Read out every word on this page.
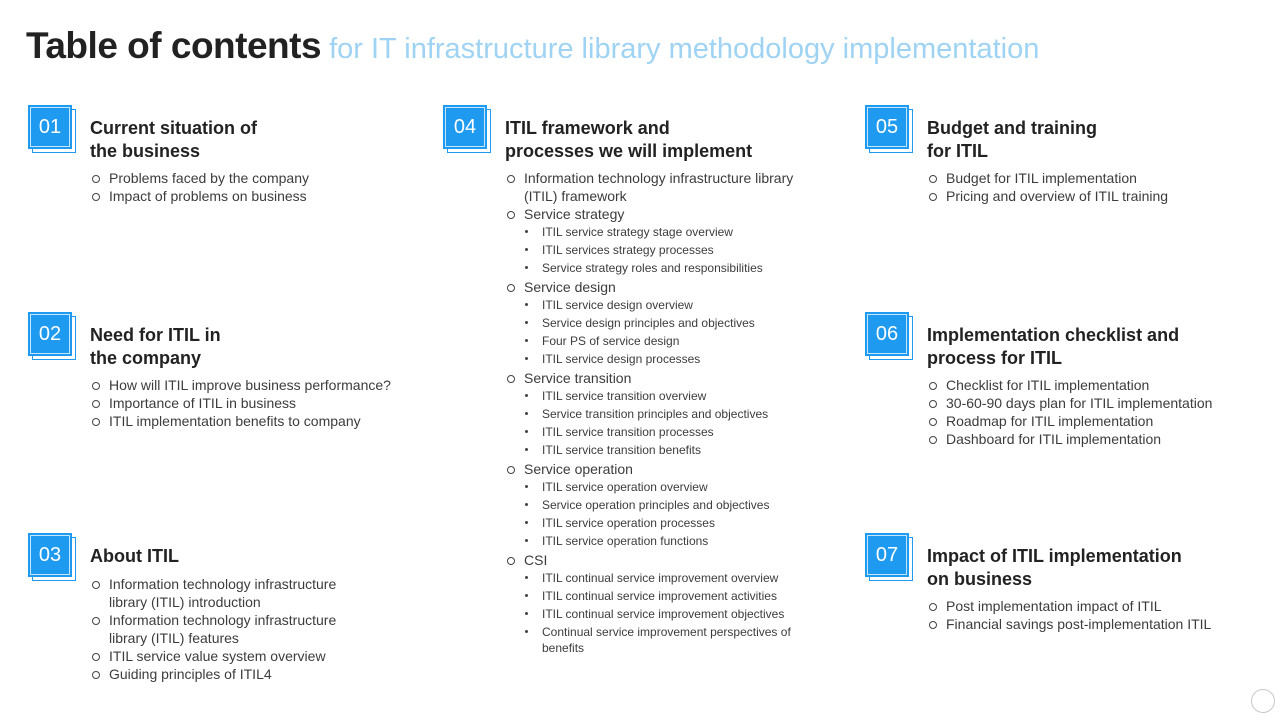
Table of contents for IT infrastructure library methodology implementation
01 Current situation of
the business
Problems faced by the company
Impact of problems on business
02 Need for ITIL in
the company
How will ITIL improve business performance?
Importance of ITIL in business
ITIL implementation benefits to company
03 About ITIL
Information technology infrastructure
library (ITIL) introduction
Information technology infrastructure
library (ITIL) features
ITIL service value system overview
Guiding principles of ITIL4
04 ITIL framework and
processes we will implement
Information technology infrastructure library
(ITIL) framework
Service strategy
ITIL service strategy stage overview
ITIL services strategy processes
Service strategy roles and responsibilities
Service design
ITIL service design overview
Service design principles and objectives
Four PS of service design
ITIL service design processes
Service transition
ITIL service transition overview
Service transition principles and objectives
ITIL service transition processes
ITIL service transition benefits
Service operation
ITIL service operation overview
Service operation principles and objectives
ITIL service operation processes
ITIL service operation functions
CSI
ITIL continual service improvement overview
ITIL continual service improvement activities
ITIL continual service improvement objectives
Continual service improvement perspectives of
benefits
05 Budget and training
for ITIL
Budget for ITIL implementation
Pricing and overview of ITIL training
06 Implementation checklist and
process for ITIL
Checklist for ITIL implementation
30-60-90 days plan for ITIL implementation
Roadmap for ITIL implementation
Dashboard for ITIL implementation
07 Impact of ITIL implementation
on business
Post implementation impact of ITIL
Financial savings post-implementation ITIL
